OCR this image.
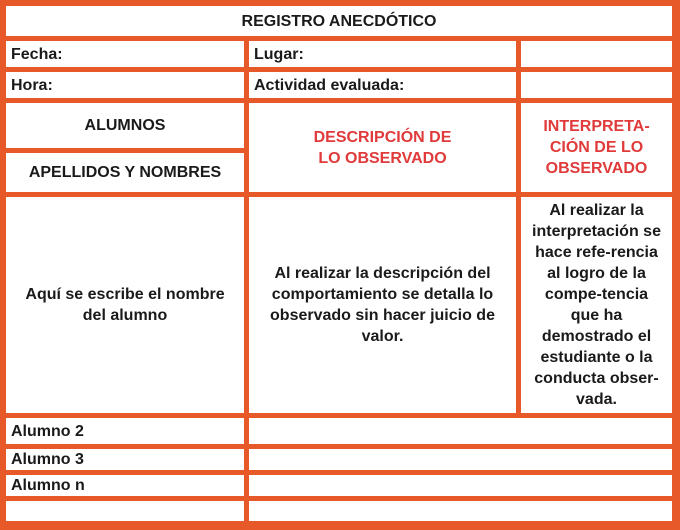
REGISTRO ANECDÓTICO
Fecha:	Lugar:
Hora:	Actividad evaluada:
ALUMNOS
APELLIDOS Y NOMBRES
DESCRIPCIÓN DE LO OBSERVADO
INTERPRETA-CIÓN DE LO OBSERVADO
Aquí se escribe el nombre del alumno
Al realizar la descripción del comportamiento se detalla lo observado sin hacer juicio de valor.
Al realizar la interpretación se hace refe-rencia al logro de la compe-tencia que ha demostrado el estudiante o la conducta obser-vada.
Alumno 2
Alumno 3
Alumno n
